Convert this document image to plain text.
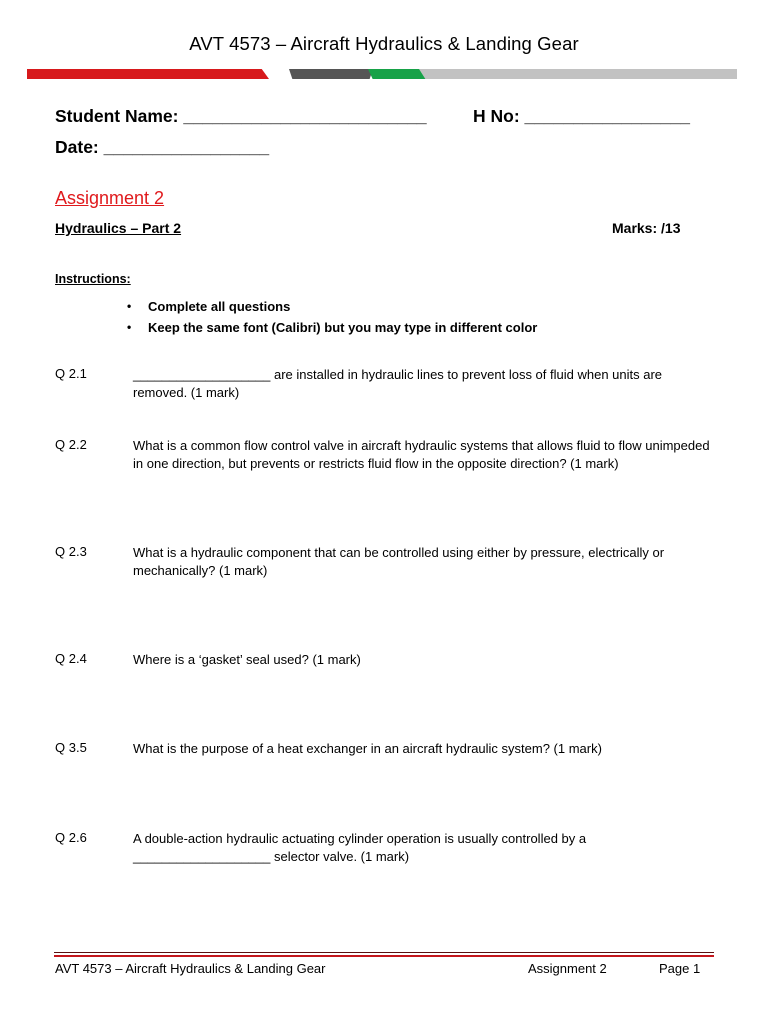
AVT 4573 – Aircraft Hydraulics & Landing Gear
Student Name: _________________________	H No: _________________
Date: _________________
Assignment 2
Hydraulics – Part 2	Marks: /13
Instructions:
• Complete all questions
• Keep the same font (Calibri) but you may type in different color
Q 2.1	___________________ are installed in hydraulic lines to prevent loss of fluid when units are removed. (1 mark)
Q 2.2	What is a common flow control valve in aircraft hydraulic systems that allows fluid to flow unimpeded in one direction, but prevents or restricts fluid flow in the opposite direction? (1 mark)
Q 2.3	What is a hydraulic component that can be controlled using either by pressure, electrically or mechanically? (1 mark)
Q 2.4	Where is a ‘gasket’ seal used? (1 mark)
Q 3.5	What is the purpose of a heat exchanger in an aircraft hydraulic system? (1 mark)
Q 2.6	A double-action hydraulic actuating cylinder operation is usually controlled by a ___________________ selector valve. (1 mark)
AVT 4573 – Aircraft Hydraulics & Landing Gear	Assignment 2	Page 1
